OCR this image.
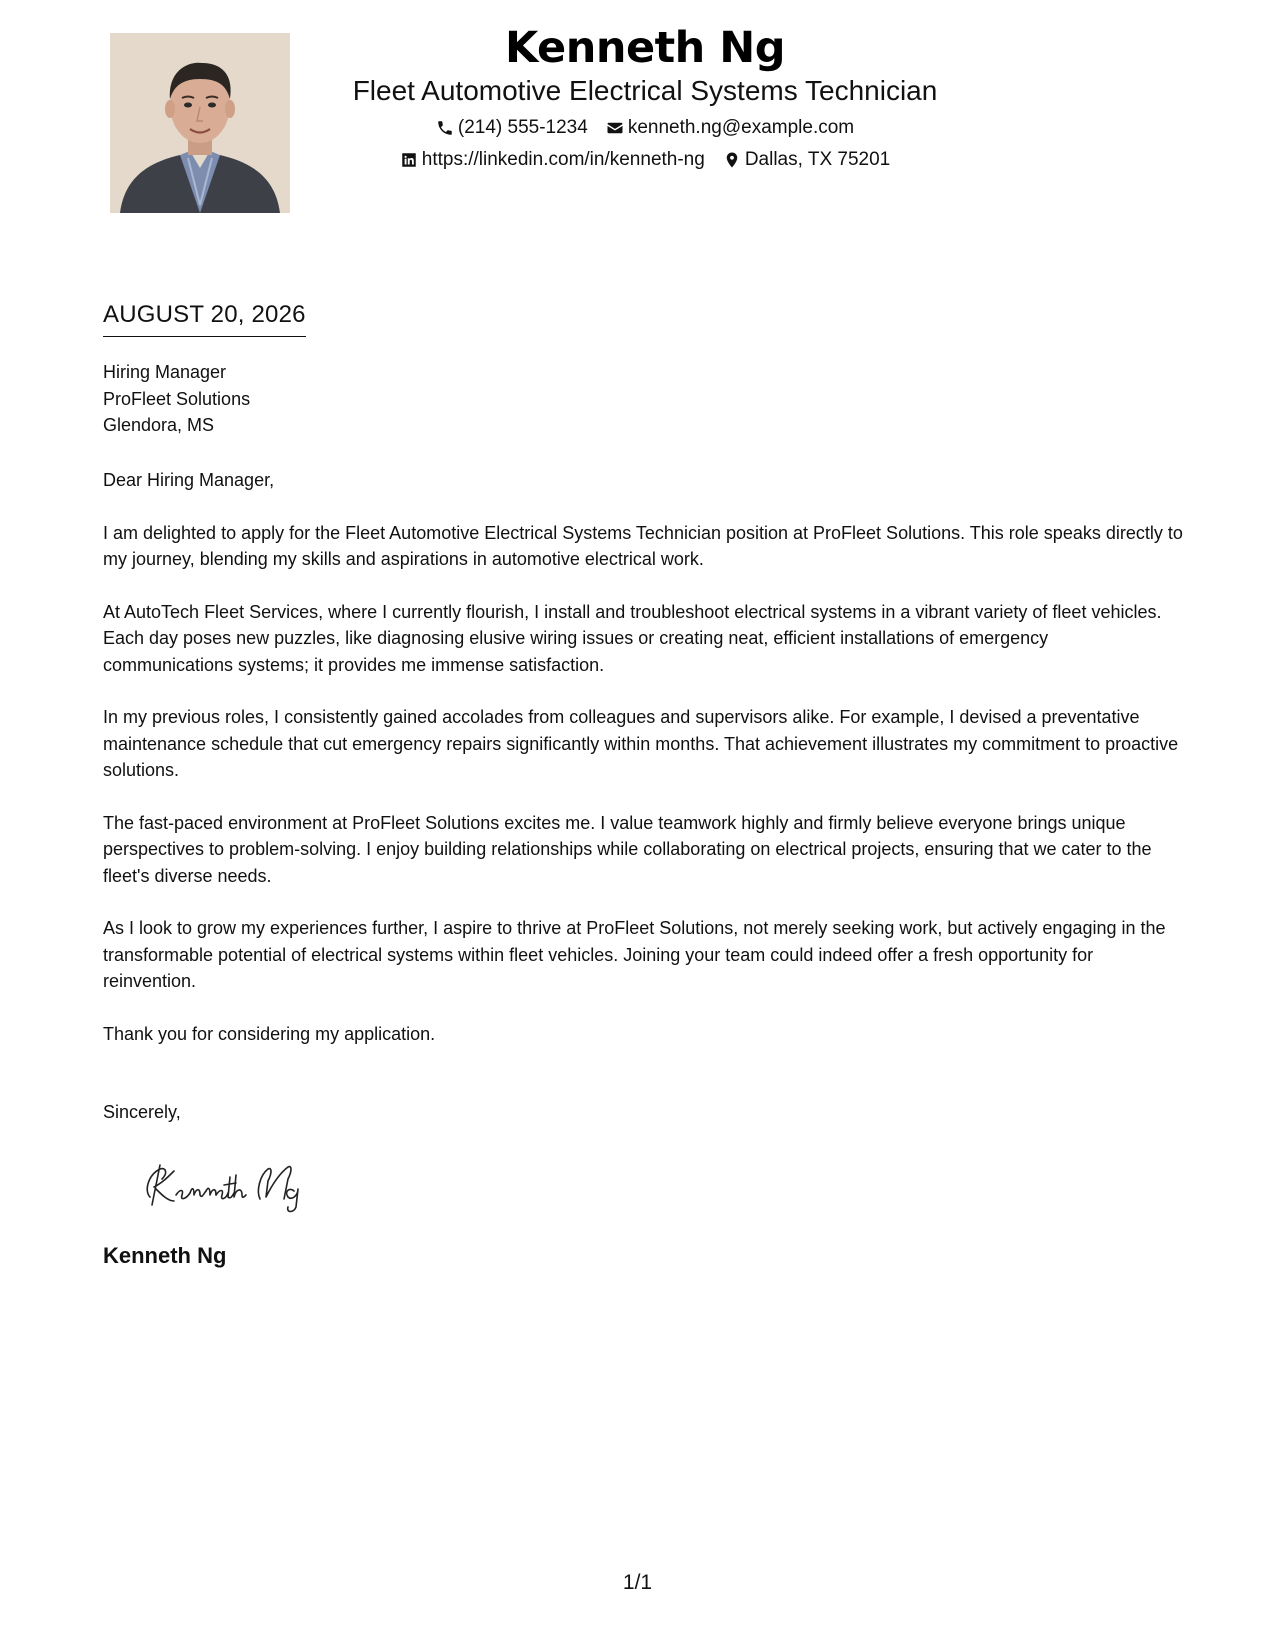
Kenneth Ng
Fleet Automotive Electrical Systems Technician
(214) 555-1234 kenneth.ng@example.com
https://linkedin.com/in/kenneth-ng Dallas, TX 75201
AUGUST 20, 2026
Hiring Manager
ProFleet Solutions
Glendora, MS

Dear Hiring Manager,

I am delighted to apply for the Fleet Automotive Electrical Systems Technician position at ProFleet Solutions. This role speaks directly to my journey, blending my skills and aspirations in automotive electrical work.

At AutoTech Fleet Services, where I currently flourish, I install and troubleshoot electrical systems in a vibrant variety of fleet vehicles. Each day poses new puzzles, like diagnosing elusive wiring issues or creating neat, efficient installations of emergency communications systems; it provides me immense satisfaction.

In my previous roles, I consistently gained accolades from colleagues and supervisors alike. For example, I devised a preventative maintenance schedule that cut emergency repairs significantly within months. That achievement illustrates my commitment to proactive solutions.

The fast-paced environment at ProFleet Solutions excites me. I value teamwork highly and firmly believe everyone brings unique perspectives to problem-solving. I enjoy building relationships while collaborating on electrical projects, ensuring that we cater to the fleet's diverse needs.

As I look to grow my experiences further, I aspire to thrive at ProFleet Solutions, not merely seeking work, but actively engaging in the transformable potential of electrical systems within fleet vehicles. Joining your team could indeed offer a fresh opportunity for reinvention.

Thank you for considering my application.

Sincerely,
Kenneth Ng
1/1
